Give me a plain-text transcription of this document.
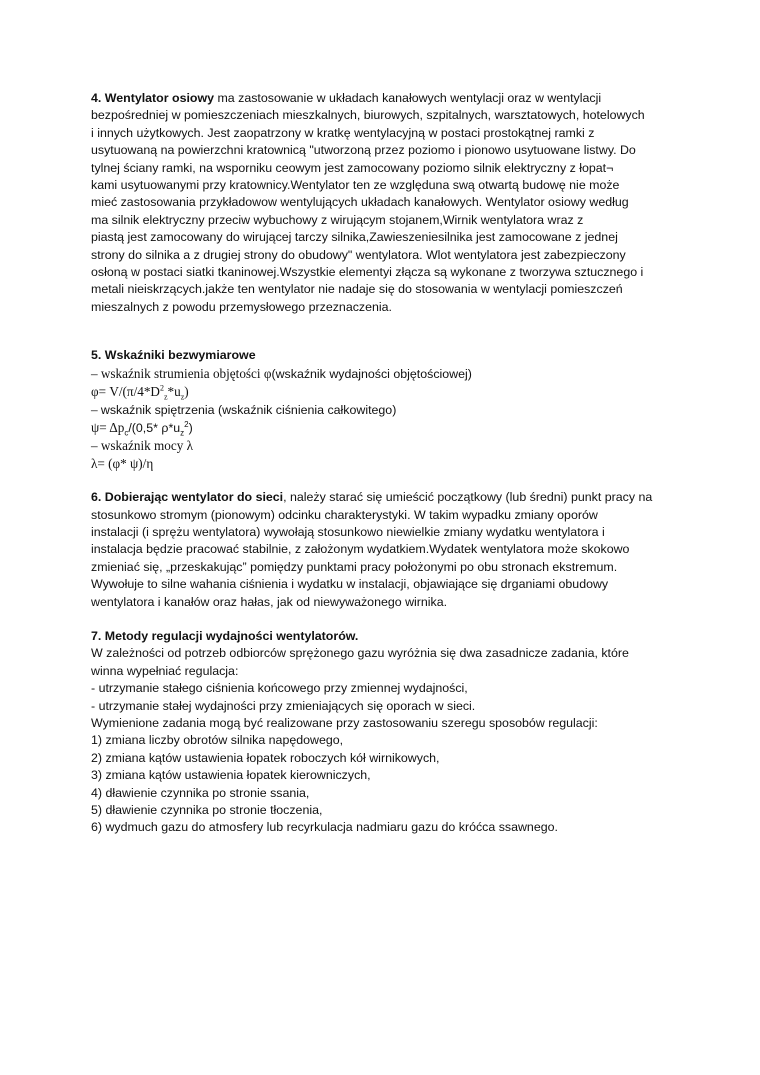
4. Wentylator osiowy ma zastosowanie w układach kanałowych wentylacji oraz w wentylacji
bezpośredniej w pomieszczeniach mieszkalnych, biurowych, szpitalnych, warsztatowych, hotelowych
i innych użytkowych. Jest zaopatrzony w kratkę wentylacyjną w postaci prostokątnej ramki z
usytuowaną na powierzchni kratownicą "utworzoną przez poziomo i pionowo usytuowane listwy. Do
tylnej ściany ramki, na wsporniku ceowym jest zamocowany poziomo silnik elektryczny z łopat¬
kami usytuowanymi przy kratownicy.Wentylator ten ze względuna swą otwartą budowę nie może
mieć zastosowania przykładowow wentylujących układach kanałowych. Wentylator osiowy według
ma silnik elektryczny przeciw wybuchowy z wirującym stojanem,Wirnik wentylatora wraz z
piastą jest zamocowany do wirującej tarczy silnika,Zawieszeniesilnika jest zamocowane z jednej
strony do silnika a z drugiej strony do obudowy" wentylatora. Wlot wentylatora jest zabezpieczony
osłoną w postaci siatki tkaninowej.Wszystkie elementyi złącza są wykonane z tworzywa sztucznego i
metali nieiskrzących.jakże ten wentylator nie nadaje się do stosowania w wentylacji pomieszczeń
mieszalnych z powodu przemysłowego przeznaczenia.
5. Wskaźniki bezwymiarowe
– wskaźnik strumienia objętości φ(wskaźnik wydajności objętościowej)
$\varphi= V/(\pi/4*D^2_z*u_z)$
– wskaźnik spiętrzenia (wskaźnik ciśnienia całkowitego)
$\psi= \Delta p_c/(0,5*$ $\rho*u_z^2$)
– wskaźnik mocy λ
λ= (φ* ψ)/η
6. Dobierając wentylator do sieci, należy starać się umieścić początkowy (lub średni) punkt pracy na
stosunkowo stromym (pionowym) odcinku charakterystyki. W takim wypadku zmiany oporów
instalacji (i sprężu wentylatora) wywołają stosunkowo niewielkie zmiany wydatku wentylatora i
instalacja będzie pracować stabilnie, z założonym wydatkiem.Wydatek wentylatora może skokowo
zmieniać się, „przeskakując” pomiędzy punktami pracy położonymi po obu stronach ekstremum.
Wywołuje to silne wahania ciśnienia i wydatku w instalacji, objawiające się drganiami obudowy
wentylatora i kanałów oraz hałas, jak od niewyważonego wirnika.
7. Metody regulacji wydajności wentylatorów.
W zależności od potrzeb odbiorców sprężonego gazu wyróżnia się dwa zasadnicze zadania, które
winna wypełniać regulacja:
- utrzymanie stałego ciśnienia końcowego przy zmiennej wydajności,
- utrzymanie stałej wydajności przy zmieniających się oporach w sieci.
Wymienione zadania mogą być realizowane przy zastosowaniu szeregu sposobów regulacji:
1) zmiana liczby obrotów silnika napędowego,
2) zmiana kątów ustawienia łopatek roboczych kół wirnikowych,
3) zmiana kątów ustawienia łopatek kierowniczych,
4) dławienie czynnika po stronie ssania,
5) dławienie czynnika po stronie tłoczenia,
6) wydmuch gazu do atmosfery lub recyrkulacja nadmiaru gazu do króćca ssawnego.
